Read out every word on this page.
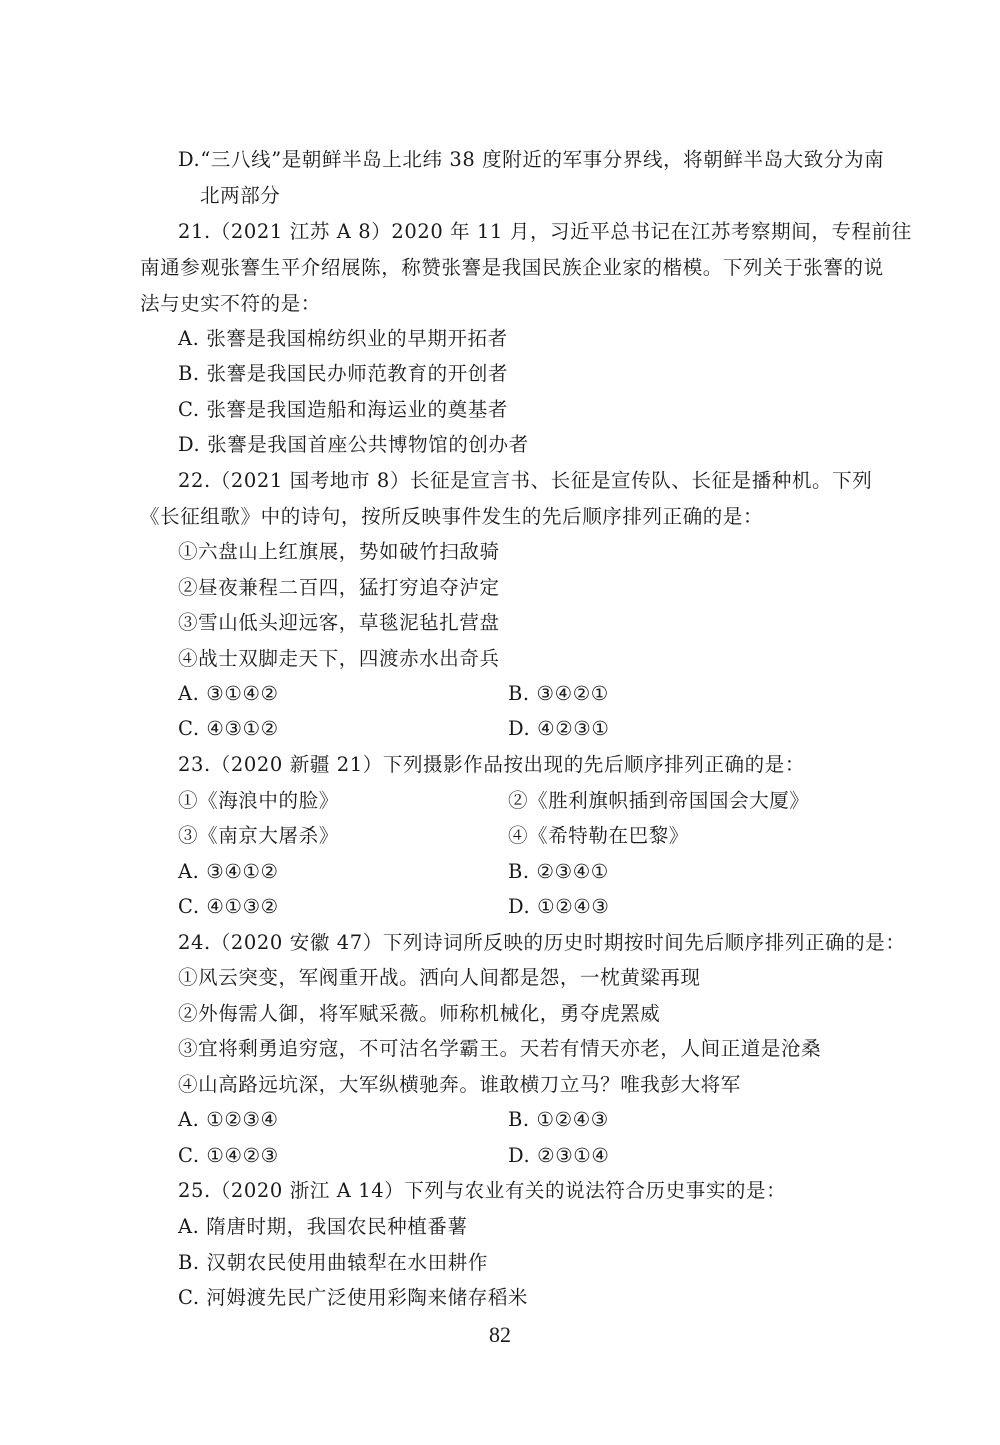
D.“三八线”是朝鲜半岛上北纬 38 度附近的军事分界线，将朝鲜半岛大致分为南
北两部分
21.（2021 江苏 A 8）2020 年 11 月，习近平总书记在江苏考察期间，专程前往
南通参观张謇生平介绍展陈，称赞张謇是我国民族企业家的楷模。下列关于张謇的说
法与史实不符的是：
A. 张謇是我国棉纺织业的早期开拓者
B. 张謇是我国民办师范教育的开创者
C. 张謇是我国造船和海运业的奠基者
D. 张謇是我国首座公共博物馆的创办者
22.（2021 国考地市 8）长征是宣言书、长征是宣传队、长征是播种机。下列
《长征组歌》中的诗句，按所反映事件发生的先后顺序排列正确的是：
①六盘山上红旗展，势如破竹扫敌骑
②昼夜兼程二百四，猛打穷追夺泸定
③雪山低头迎远客，草毯泥毡扎营盘
④战士双脚走天下，四渡赤水出奇兵
A. ③①④②	B. ③④②①
C. ④③①②	D. ④②③①
23.（2020 新疆 21）下列摄影作品按出现的先后顺序排列正确的是：
①《海浪中的脸》	②《胜利旗帜插到帝国国会大厦》
③《南京大屠杀》	④《希特勒在巴黎》
A. ③④①②	B. ②③④①
C. ④①③②	D. ①②④③
24.（2020 安徽 47）下列诗词所反映的历史时期按时间先后顺序排列正确的是：
①风云突变，军阀重开战。洒向人间都是怨，一枕黄粱再现
②外侮需人御，将军赋采薇。师称机械化，勇夺虎罴威
③宜将剩勇追穷寇，不可沽名学霸王。天若有情天亦老，人间正道是沧桑
④山高路远坑深，大军纵横驰奔。谁敢横刀立马？唯我彭大将军
A. ①②③④	B. ①②④③
C. ①④②③	D. ②③①④
25.（2020 浙江 A 14）下列与农业有关的说法符合历史事实的是：
A. 隋唐时期，我国农民种植番薯
B. 汉朝农民使用曲辕犁在水田耕作
C. 河姆渡先民广泛使用彩陶来储存稻米
82
